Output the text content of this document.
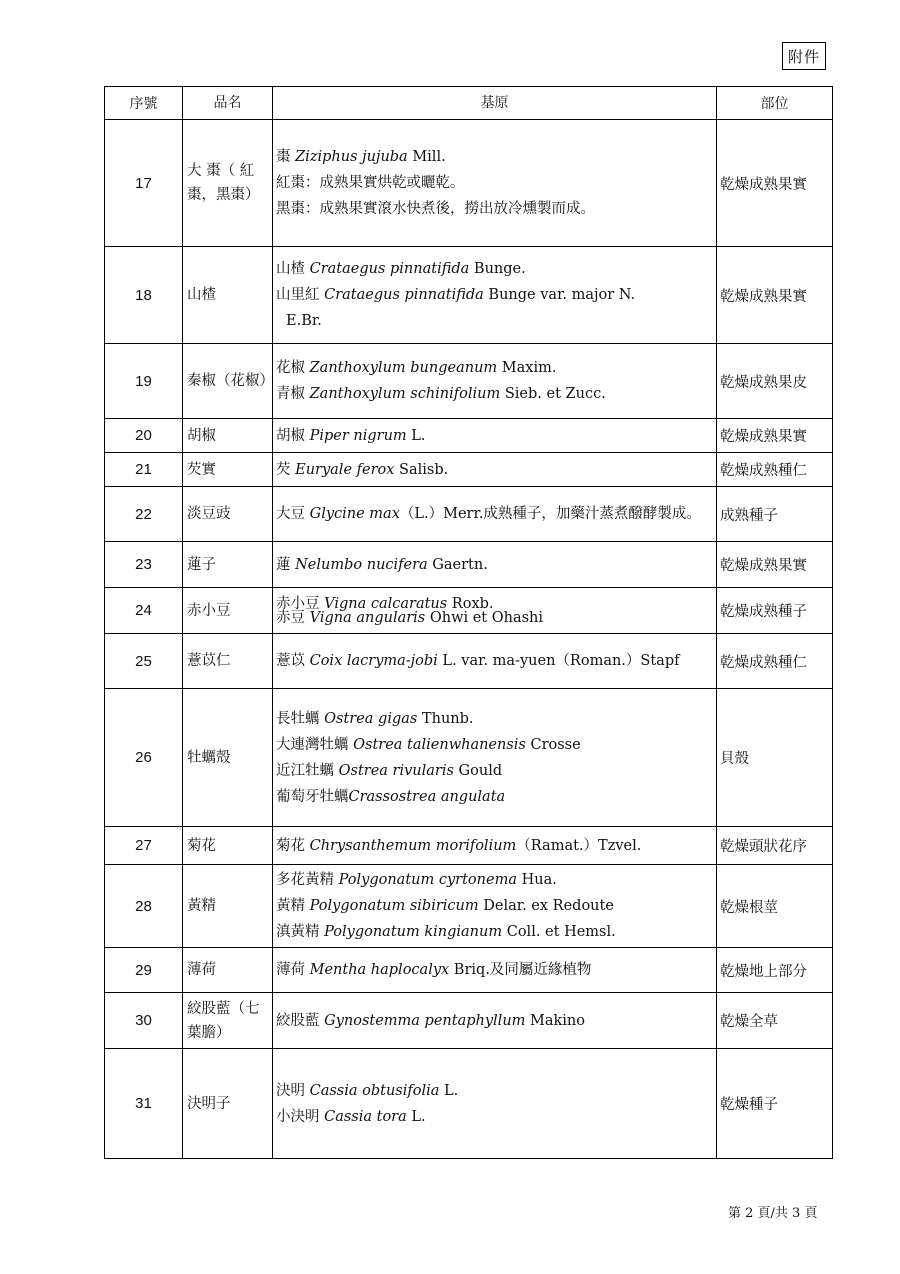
附件
序號	品名	基原	部位
17	大 棗（ 紅棗，黑棗）	棗 Ziziphus jujuba Mill.
紅棗：成熟果實烘乾或曬乾。
黑棗：成熟果實滾水快煮後，撈出放冷燻製而成。	乾燥成熟果實
18	山楂	山楂 Crataegus pinnatifida Bunge.
山里紅 Crataegus pinnatifida Bunge var. major N.
E.Br.	乾燥成熟果實
19	秦椒（花椒）	花椒 Zanthoxylum bungeanum Maxim.
青椒 Zanthoxylum schinifolium Sieb. et Zucc.	乾燥成熟果皮
20	胡椒	胡椒 Piper nigrum L.	乾燥成熟果實
21	芡實	芡 Euryale ferox Salisb.	乾燥成熟種仁
22	淡豆豉	大豆 Glycine max（L.）Merr.成熟種子，加藥汁蒸煮醱酵製成。	成熟種子
23	蓮子	蓮 Nelumbo nucifera Gaertn.	乾燥成熟果實
24	赤小豆	赤小豆 Vigna calcaratus Roxb.
赤豆 Vigna angularis Ohwi et Ohashi	乾燥成熟種子
25	薏苡仁	薏苡 Coix lacryma-jobi L. var. ma-yuen（Roman.）Stapf	乾燥成熟種仁
26	牡蠣殼	長牡蠣 Ostrea gigas Thunb.
大連灣牡蠣 Ostrea talienwhanensis Crosse
近江牡蠣 Ostrea rivularis Gould
葡萄牙牡蠣Crassostrea angulata	貝殼
27	菊花	菊花 Chrysanthemum morifolium（Ramat.）Tzvel.	乾燥頭狀花序
28	黃精	多花黃精 Polygonatum cyrtonema Hua.
黃精 Polygonatum sibiricum Delar. ex Redoute
滇黃精 Polygonatum kingianum Coll. et Hemsl.	乾燥根莖
29	薄荷	薄荷 Mentha haplocalyx Briq.及同屬近緣植物	乾燥地上部分
30	絞股藍（七葉膽）	絞股藍 Gynostemma pentaphyllum Makino	乾燥全草
31	決明子	決明 Cassia obtusifolia L.
小決明 Cassia tora L.	乾燥種子
第 2 頁/共 3 頁
